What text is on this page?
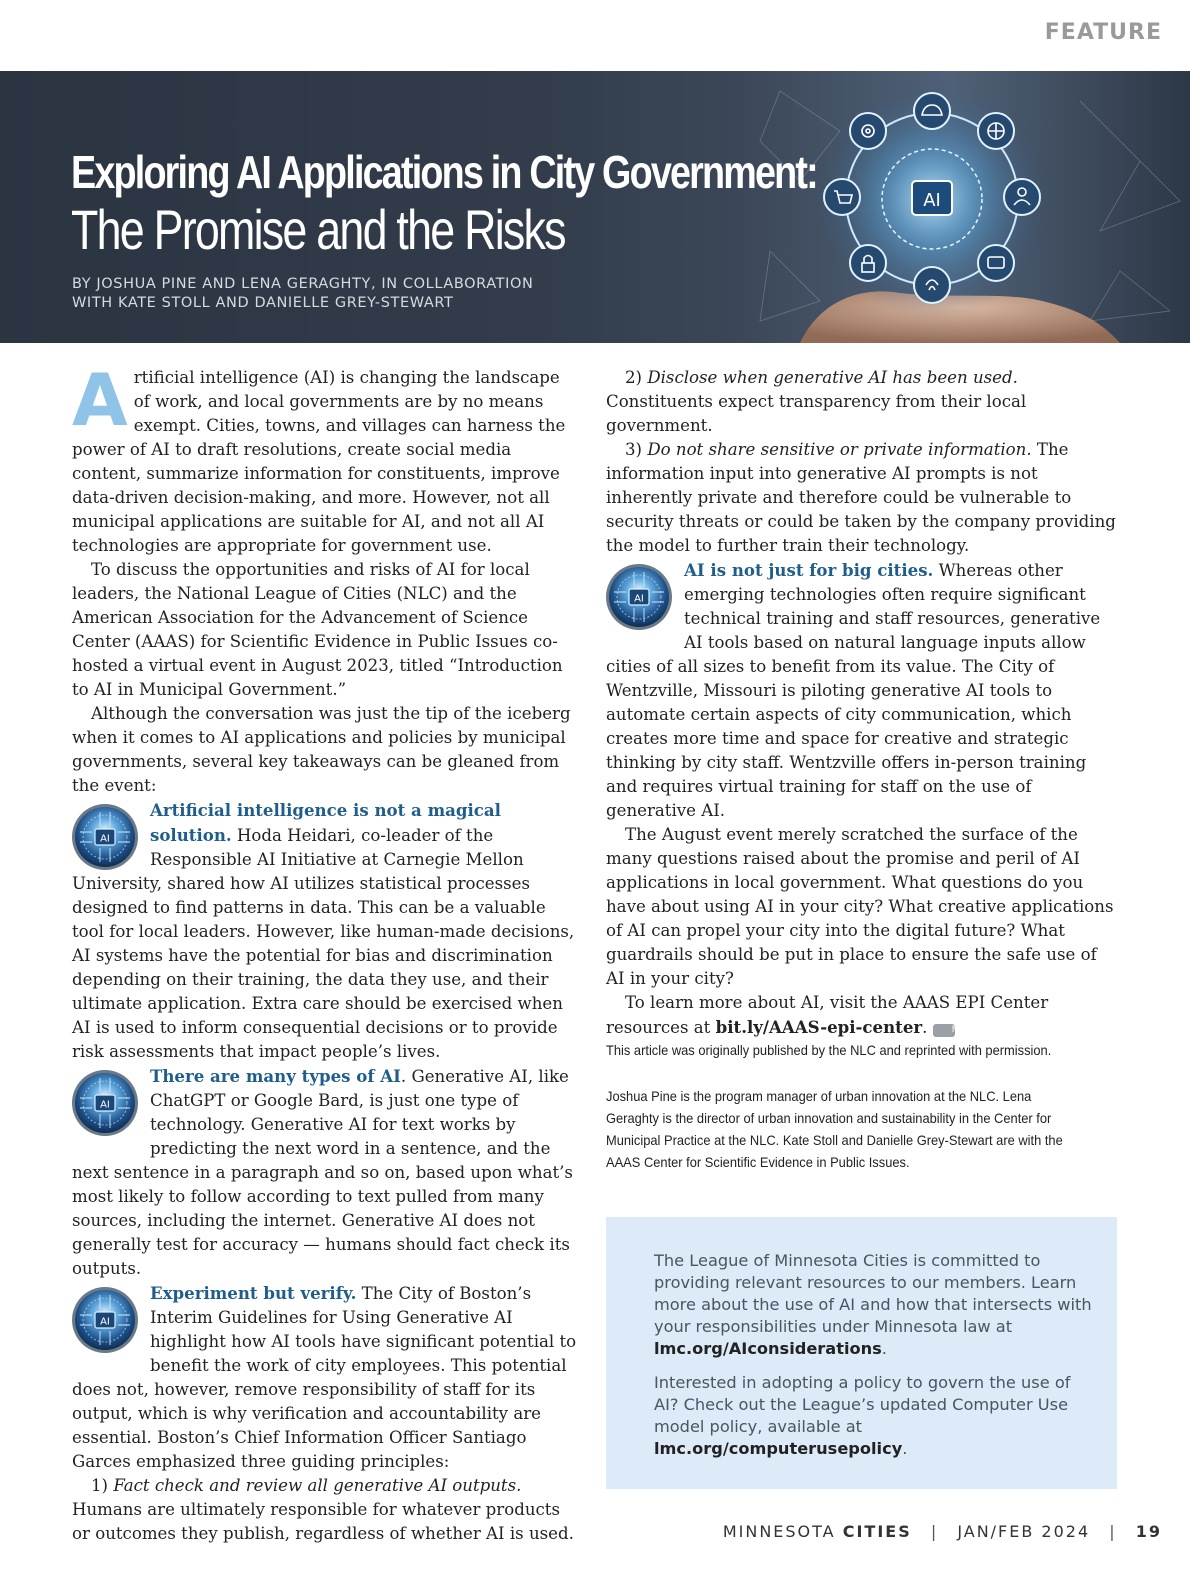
FEATURE
AI
Exploring AI Applications in City Government:
The Promise and the Risks
BY JOSHUA PINE AND LENA GERAGHTY, IN COLLABORATION
WITH KATE STOLL AND DANIELLE GREY-STEWART

Artificial intelligence (AI) is changing the landscape of work, and local governments are by no means exempt. Cities, towns, and villages can harness the power of AI to draft resolutions, create social media content, summarize information for constituents, improve data-driven decision-making, and more. However, not all municipal applications are suitable for AI, and not all AI technologies are appropriate for government use.

To discuss the opportunities and risks of AI for local leaders, the National League of Cities (NLC) and the American Association for the Advancement of Science Center (AAAS) for Scientific Evidence in Public Issues co-hosted a virtual event in August 2023, titled “Introduction to AI in Municipal Government.”

Although the conversation was just the tip of the iceberg when it comes to AI applications and policies by municipal governments, several key takeaways can be gleaned from the event:

Artificial intelligence is not a magical solution. Hoda Heidari, co-leader of the Responsible AI Initiative at Carnegie Mellon University, shared how AI utilizes statistical processes designed to find patterns in data. This can be a valuable tool for local leaders. However, like human-made decisions, AI systems have the potential for bias and discrimination depending on their training, the data they use, and their ultimate application. Extra care should be exercised when AI is used to inform consequential decisions or to provide risk assessments that impact people’s lives.

There are many types of AI. Generative AI, like ChatGPT or Google Bard, is just one type of technology. Generative AI for text works by predicting the next word in a sentence, and the next sentence in a paragraph and so on, based upon what’s most likely to follow according to text pulled from many sources, including the internet. Generative AI does not generally test for accuracy — humans should fact check its outputs.

Experiment but verify. The City of Boston’s Interim Guidelines for Using Generative AI highlight how AI tools have significant potential to benefit the work of city employees. This potential does not, however, remove responsibility of staff for its output, which is why verification and accountability are essential. Boston’s Chief Information Officer Santiago Garces emphasized three guiding principles:

1) Fact check and review all generative AI outputs. Humans are ultimately responsible for whatever products or outcomes they publish, regardless of whether AI is used.

2) Disclose when generative AI has been used. Constituents expect transparency from their local government.

3) Do not share sensitive or private information. The information input into generative AI prompts is not inherently private and therefore could be vulnerable to security threats or could be taken by the company providing the model to further train their technology.

AI is not just for big cities. Whereas other emerging technologies often require significant technical training and staff resources, generative AI tools based on natural language inputs allow cities of all sizes to benefit from its value. The City of Wentzville, Missouri is piloting generative AI tools to automate certain aspects of city communication, which creates more time and space for creative and strategic thinking by city staff. Wentzville offers in-person training and requires virtual training for staff on the use of generative AI.

The August event merely scratched the surface of the many questions raised about the promise and peril of AI applications in local government. What questions do you have about using AI in your city? What creative applications of AI can propel your city into the digital future? What guardrails should be put in place to ensure the safe use of AI in your city?

To learn more about AI, visit the AAAS EPI Center resources at bit.ly/AAAS-epi-center.	MC

This article was originally published by the NLC and reprinted with permission.
Joshua Pine is the program manager of urban innovation at the NLC. Lena Geraghty is the director of urban innovation and sustainability in the Center for Municipal Practice at the NLC. Kate Stoll and Danielle Grey-Stewart are with the AAAS Center for Scientific Evidence in Public Issues.

The League of Minnesota Cities is committed to providing relevant resources to our members. Learn more about the use of AI and how that intersects with your responsibilities under Minnesota law at lmc.org/AIconsiderations.

Interested in adopting a policy to govern the use of AI? Check out the League’s updated Computer Use model policy, available at lmc.org/computerusepolicy.

MINNESOTA CITIES | JAN/FEB 2024 | 19
